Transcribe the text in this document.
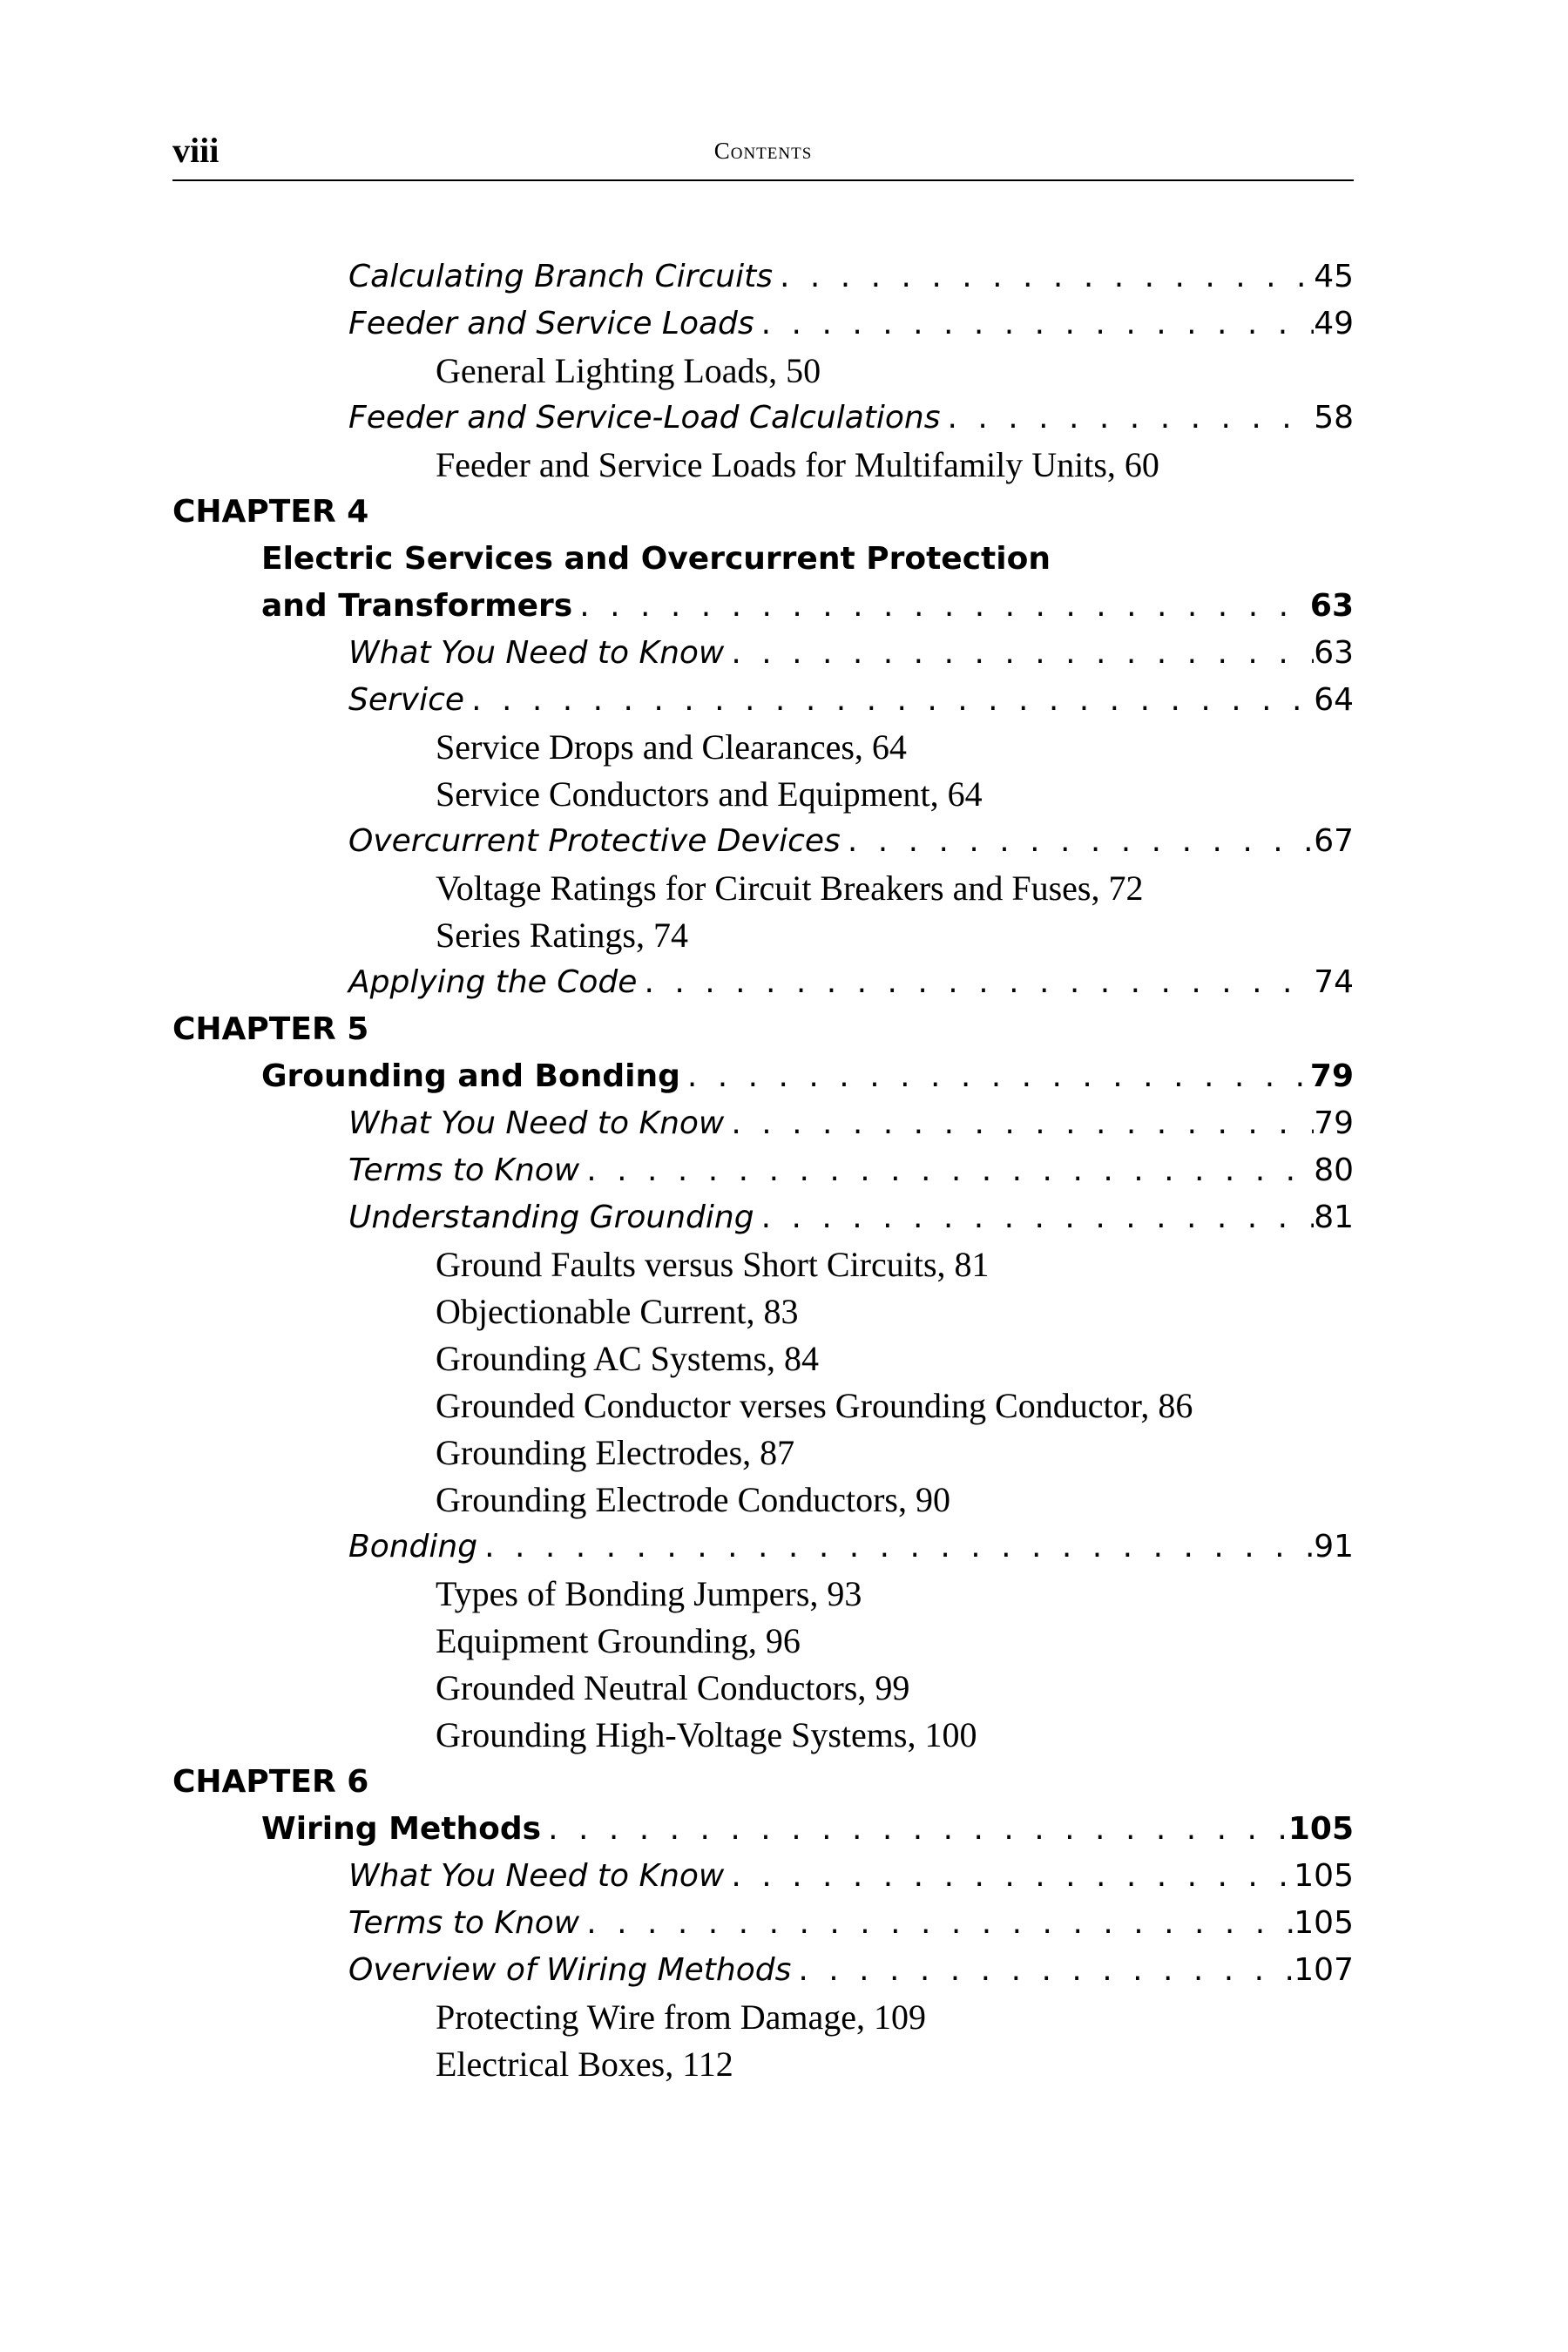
viii	Contents
Calculating Branch Circuits . . .	45
Feeder and Service Loads . . .	49
General Lighting Loads, 50
Feeder and Service-Load Calculations . . .	58
Feeder and Service Loads for Multifamily Units, 60
CHAPTER 4
Electric Services and Overcurrent Protection
and Transformers . . .	63
What You Need to Know . . .	63
Service . . .	64
Service Drops and Clearances, 64
Service Conductors and Equipment, 64
Overcurrent Protective Devices . . .	67
Voltage Ratings for Circuit Breakers and Fuses, 72
Series Ratings, 74
Applying the Code . . .	74
CHAPTER 5
Grounding and Bonding . . .	79
What You Need to Know . . .	79
Terms to Know . . .	80
Understanding Grounding . . .	81
Ground Faults versus Short Circuits, 81
Objectionable Current, 83
Grounding AC Systems, 84
Grounded Conductor verses Grounding Conductor, 86
Grounding Electrodes, 87
Grounding Electrode Conductors, 90
Bonding . . .	91
Types of Bonding Jumpers, 93
Equipment Grounding, 96
Grounded Neutral Conductors, 99
Grounding High-Voltage Systems, 100
CHAPTER 6
Wiring Methods . . .	105
What You Need to Know . . .	105
Terms to Know . . .	105
Overview of Wiring Methods . . .	107
Protecting Wire from Damage, 109
Electrical Boxes, 112
